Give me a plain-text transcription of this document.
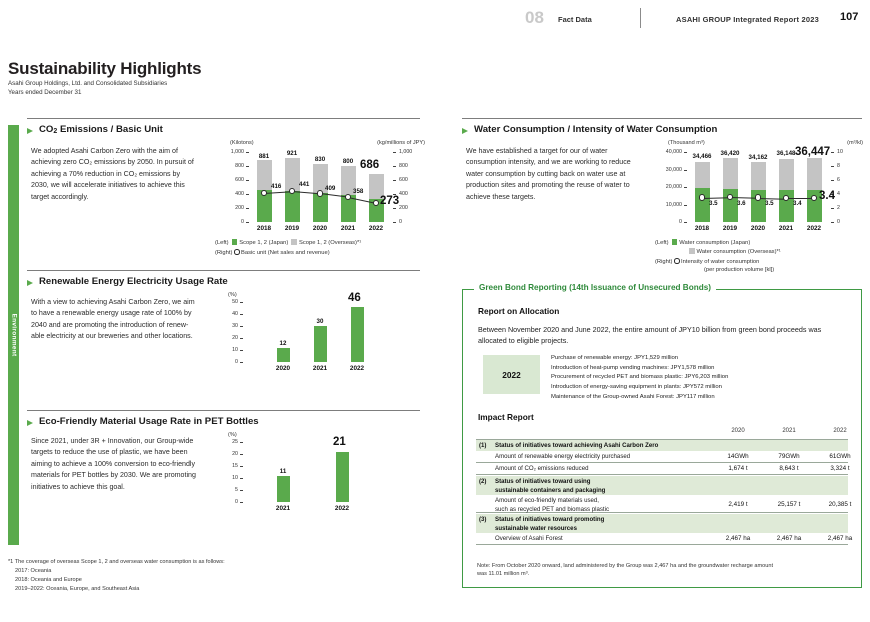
08 Fact Data	ASAHI GROUP Integrated Report 2023 107
Sustainability Highlights
Asahi Group Holdings, Ltd. and Consolidated Subsidiaries
Years ended December 31
Environment
CO2 Emissions / Basic Unit
We adopted Asahi Carbon Zero with the aim of achieving zero CO₂ emissions by 2050. In pursuit of achieving a 70% reduction in CO₂ emissions by 2030, we will accelerate initiatives to achieve this target accordingly.
(Kilotons)	(kg/millions of JPY)
1,000
800
600
400
200
0
1,000
800
600
400
200
0
881	921
830	800 686
416	441
409	358
273
2018	2019	2020	2021	2022
(Left) Scope 1, 2 (Japan) Scope 1, 2 (Overseas)*¹
(Right) Basic unit (Net sales and revenue)
Renewable Energy Electricity Usage Rate
With a view to achieving Asahi Carbon Zero, we aim to have a renewable energy usage rate of 100% by 2040 and are promoting the introduction of renew-able electricity at our breweries and other locations.
(%)
50
40
30
20
10
0
12
30
46
2020	2021	2022
Eco-Friendly Material Usage Rate in PET Bottles
Since 2021, under 3R + Innovation, our Group-wide targets to reduce the use of plastic, we have been aiming to achieve a 100% conversion to eco-friendly materials for PET bottles by 2030. We are promoting initiatives to achieve this goal.
(%)
25
20
15
10
5
0
11
21
2021	2022
Water Consumption / Intensity of Water Consumption
We have established a target for our of water consumption intensity, and we are working to reduce water consumption by cutting back on water use at production sites and promoting the reuse of water to achieve these targets.
(Thousand m³)	(m³/kl)
40,000
30,000
20,000
10,000
0
10
8
6
4
2
0
34,466	36,420
34,162
36,148 36,447
3.5	3.6	3.5	3.4
3.4
2018	2019	2020	2021	2022
(Left) Water consumption (Japan)
Water consumption (Overseas)*¹
(Right) Intensity of water consumption
(per production volume [kl])
Green Bond Reporting (14th Issuance of Unsecured Bonds)
Report on Allocation
Between November 2020 and June 2022, the entire amount of JPY10 billion from green bond proceeds was allocated to eligible projects.
2022
Purchase of renewable energy: JPY1,529 million
Introduction of heat-pump vending machines: JPY1,578 million
Procurement of recycled PET and biomass plastic: JPY6,203 million
Introduction of energy-saving equipment in plants: JPY572 million
Maintenance of the Group-owned Asahi Forest: JPY117 million
Impact Report
2020	2021	2022
(1) Status of initiatives toward achieving Asahi Carbon Zero
Amount of renewable energy electricity purchased	14GWh	79GWh	61GWh
Amount of CO₂ emissions reduced	1,674 t	8,643 t	3,324 t
(2) Status of initiatives toward using
sustainable containers and packaging
Amount of eco-friendly materials used,
such as recycled PET and biomass plastic
2,419 t	25,157 t	20,385 t
(3) Status of initiatives toward promoting
sustainable water resources
Overview of Asahi Forest	2,467 ha	2,467 ha	2,467 ha
Note: From October 2020 onward, land administered by the Group was 2,467 ha and the groundwater recharge amount
was 11.01 million m³.
*1 The coverage of overseas Scope 1, 2 and overseas water consumption is as follows:
2017: Oceania
2018: Oceania and Europe
2019–2022: Oceania, Europe, and Southeast Asia
